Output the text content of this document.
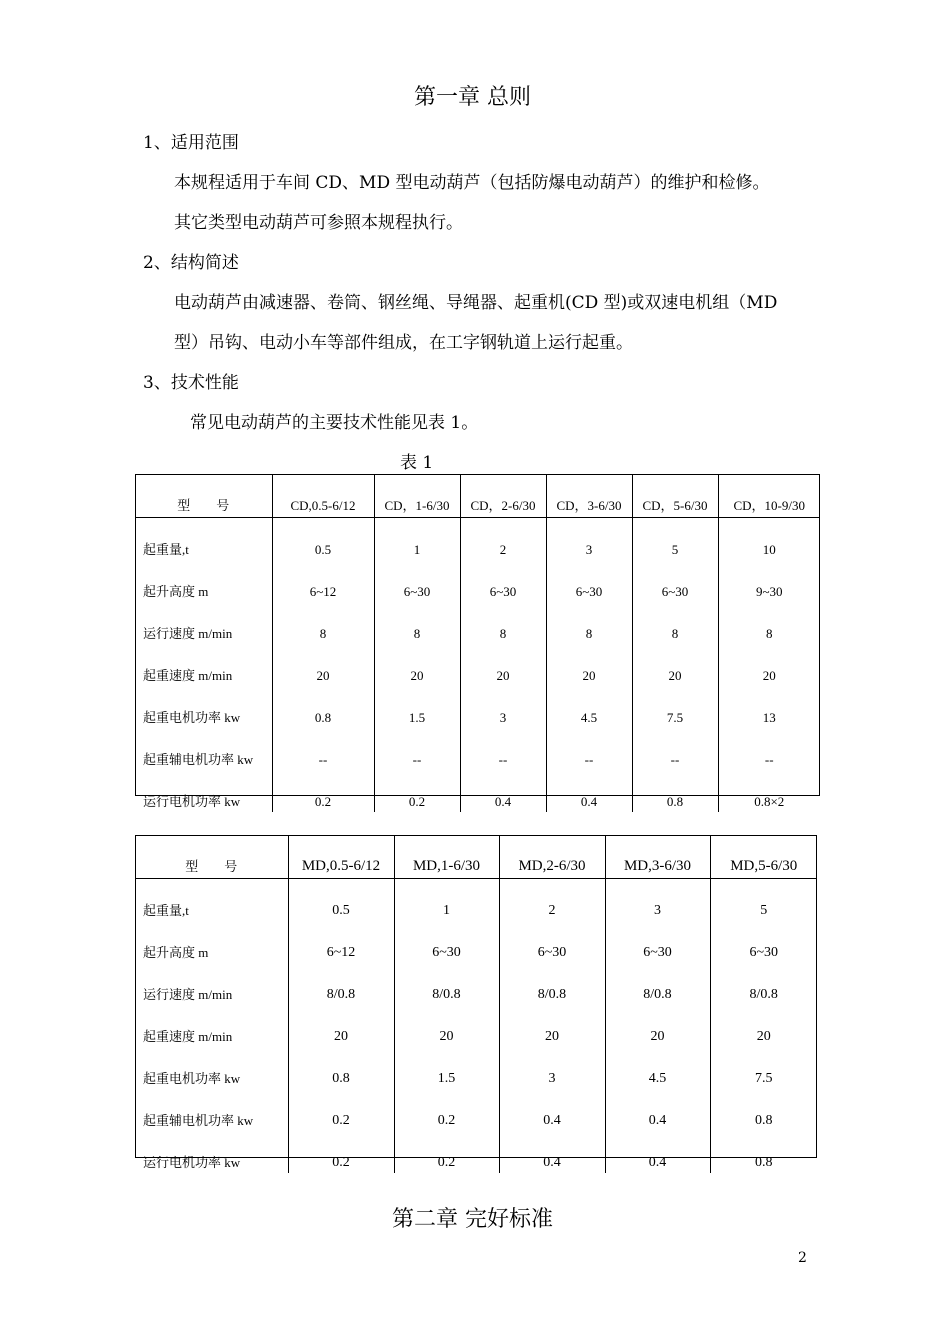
第一章 总则
1、适用范围
本规程适用于车间 CD、MD 型电动葫芦（包括防爆电动葫芦）的维护和检修。
其它类型电动葫芦可参照本规程执行。
2、结构简述
电动葫芦由减速器、卷筒、钢丝绳、导绳器、起重机(CD 型)或双速电机组（MD
型）吊钩、电动小车等部件组成，在工字钢轨道上运行起重。
3、技术性能
常见电动葫芦的主要技术性能见表 1。
表 1
型　　号	CD,0.5-6/12	CD，1-6/30	CD，2-6/30	CD，3-6/30	CD，5-6/30	CD，10-9/30
起重量,t	0.5	1	2	3	5	10
起升高度 m	6~12	6~30	6~30	6~30	6~30	9~30
运行速度 m/min	8	8	8	8	8	8
起重速度 m/min	20	20	20	20	20	20
起重电机功率 kw	0.8	1.5	3	4.5	7.5	13
起重辅电机功率 kw	--	--	--	--	--	--
运行电机功率 kw	0.2	0.2	0.4	0.4	0.8	0.8×2
型　　号	MD,0.5-6/12	MD,1-6/30	MD,2-6/30	MD,3-6/30	MD,5-6/30
起重量,t	0.5	1	2	3	5
起升高度 m	6~12	6~30	6~30	6~30	6~30
运行速度 m/min	8/0.8	8/0.8	8/0.8	8/0.8	8/0.8
起重速度 m/min	20	20	20	20	20
起重电机功率 kw	0.8	1.5	3	4.5	7.5
起重辅电机功率 kw	0.2	0.2	0.4	0.4	0.8
运行电机功率 kw	0.2	0.2	0.4	0.4	0.8
第二章 完好标准
2
